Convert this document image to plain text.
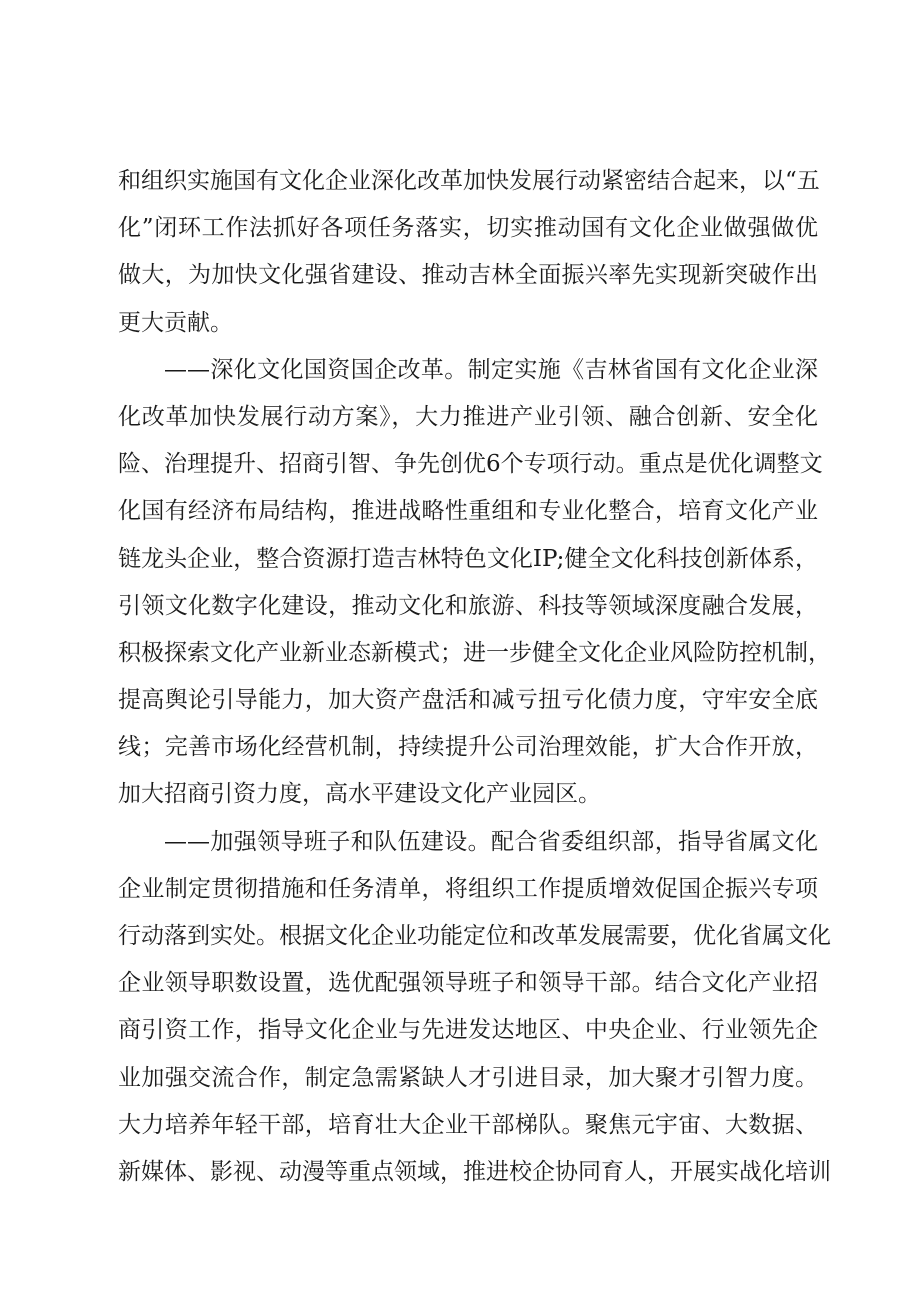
和组织实施国有文化企业深化改革加快发展行动紧密结合起来，以“五
化”闭环工作法抓好各项任务落实，切实推动国有文化企业做强做优
做大，为加快文化强省建设、推动吉林全面振兴率先实现新突破作出
更大贡献。
——深化文化国资国企改革。制定实施《吉林省国有文化企业深
化改革加快发展行动方案》，大力推进产业引领、融合创新、安全化
险、治理提升、招商引智、争先创优6个专项行动。重点是优化调整文
化国有经济布局结构，推进战略性重组和专业化整合，培育文化产业
链龙头企业，整合资源打造吉林特色文化IP;健全文化科技创新体系，
引领文化数字化建设，推动文化和旅游、科技等领域深度融合发展，
积极探索文化产业新业态新模式；进一步健全文化企业风险防控机制，
提高舆论引导能力，加大资产盘活和减亏扭亏化债力度，守牢安全底
线；完善市场化经营机制，持续提升公司治理效能，扩大合作开放，
加大招商引资力度，高水平建设文化产业园区。
——加强领导班子和队伍建设。配合省委组织部，指导省属文化
企业制定贯彻措施和任务清单，将组织工作提质增效促国企振兴专项
行动落到实处。根据文化企业功能定位和改革发展需要，优化省属文化
企业领导职数设置，选优配强领导班子和领导干部。结合文化产业招
商引资工作，指导文化企业与先进发达地区、中央企业、行业领先企
业加强交流合作，制定急需紧缺人才引进目录，加大聚才引智力度。
大力培养年轻干部，培育壮大企业干部梯队。聚焦元宇宙、大数据、
新媒体、影视、动漫等重点领域，推进校企协同育人，开展实战化培训
